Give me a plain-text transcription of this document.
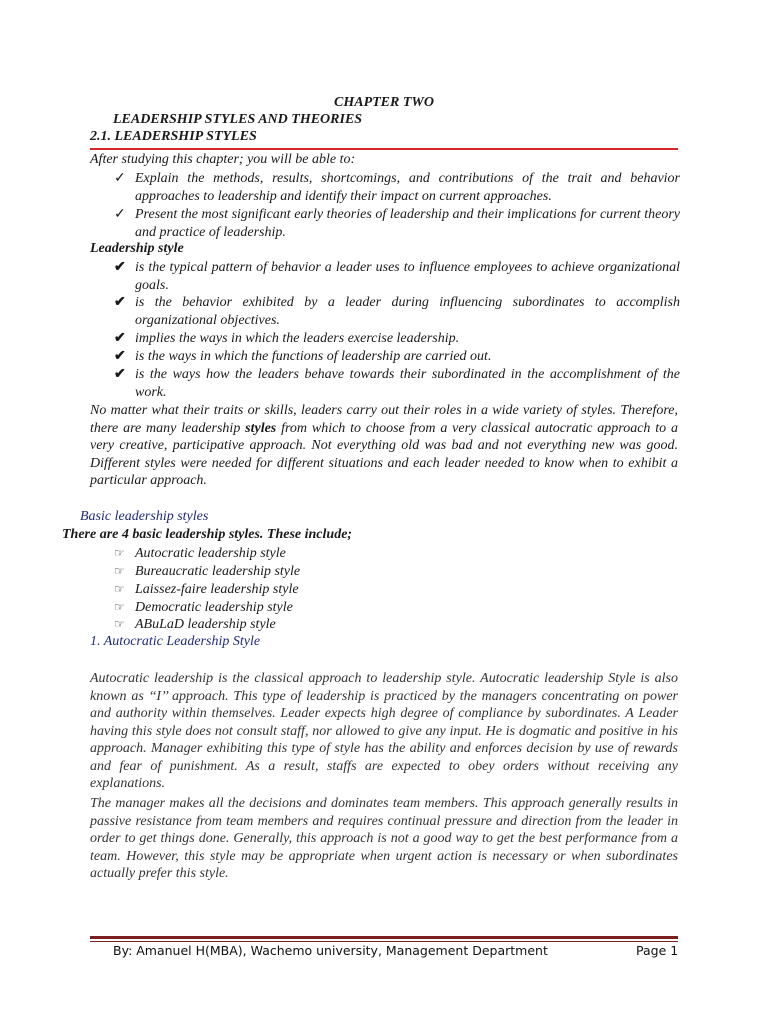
CHAPTER TWO
LEADERSHIP STYLES AND THEORIES
2.1. LEADERSHIP STYLES
After studying this chapter; you will be able to:
✓ Explain the methods, results, shortcomings, and contributions of the trait and behavior approaches to leadership and identify their impact on current approaches.
✓ Present the most significant early theories of leadership and their implications for current theory and practice of leadership.
Leadership style
✔ is the typical pattern of behavior a leader uses to influence employees to achieve organizational goals.
✔ is the behavior exhibited by a leader during influencing subordinates to accomplish organizational objectives.
✔ implies the ways in which the leaders exercise leadership.
✔ is the ways in which the functions of leadership are carried out.
✔ is the ways how the leaders behave towards their subordinated in the accomplishment of the work.
No matter what their traits or skills, leaders carry out their roles in a wide variety of styles. Therefore, there are many leadership styles from which to choose from a very classical autocratic approach to a very creative, participative approach. Not everything old was bad and not everything new was good. Different styles were needed for different situations and each leader needed to know when to exhibit a particular approach.
Basic leadership styles
There are 4 basic leadership styles. These include;
☞ Autocratic leadership style
☞ Bureaucratic leadership style
☞ Laissez-faire leadership style
☞ Democratic leadership style
☞ ABuLaD leadership style
1. Autocratic Leadership Style
Autocratic leadership is the classical approach to leadership style. Autocratic leadership Style is also known as ‘‘I’’ approach. This type of leadership is practiced by the managers concentrating on power and authority within themselves. Leader expects high degree of compliance by subordinates. A Leader having this style does not consult staff, nor allowed to give any input. He is dogmatic and positive in his approach. Manager exhibiting this type of style has the ability and enforces decision by use of rewards and fear of punishment. As a result, staffs are expected to obey orders without receiving any explanations.
The manager makes all the decisions and dominates team members. This approach generally results in passive resistance from team members and requires continual pressure and direction from the leader in order to get things done. Generally, this approach is not a good way to get the best performance from a team. However, this style may be appropriate when urgent action is necessary or when subordinates actually prefer this style.
By: Amanuel H(MBA), Wachemo university, Management Department	Page 1
